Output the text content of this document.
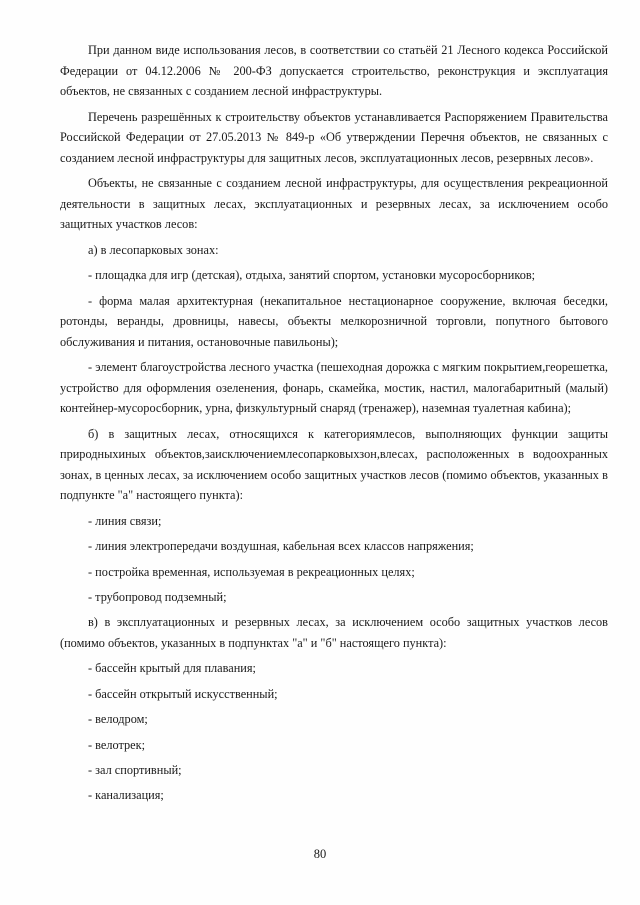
При данном виде использования лесов, в соответствии со статьёй 21 Лесного кодекса Российской Федерации от 04.12.2006 № 200-ФЗ допускается строительство, реконструкция и эксплуатация объектов, не связанных с созданием лесной инфраструктуры.

Перечень разрешённых к строительству объектов устанавливается Распоряжением Правительства Российской Федерации от 27.05.2013 № 849-р «Об утверждении Перечня объектов, не связанных с созданием лесной инфраструктуры для защитных лесов, эксплуатационных лесов, резервных лесов».

Объекты, не связанные с созданием лесной инфраструктуры, для осуществления рекреационной деятельности в защитных лесах, эксплуатационных и резервных лесах, за исключением особо защитных участков лесов:

а) в лесопарковых зонах:

- площадка для игр (детская), отдыха, занятий спортом, установки мусоросборников;

- форма малая архитектурная (некапитальное нестационарное сооружение, включая беседки, ротонды, веранды, дровницы, навесы, объекты мелкорозничной торговли, попутного бытового обслуживания и питания, остановочные павильоны);

- элемент благоустройства лесного участка (пешеходная дорожка с мягким покрытием,георешетка, устройство для оформления озеленения, фонарь, скамейка, мостик, настил, малогабаритный (малый) контейнер-мусоросборник, урна, физкультурный снаряд (тренажер), наземная туалетная кабина);

б) в защитных лесах, относящихся к категориямлесов, выполняющих функции защиты природныхиных объектов,заисключениемлесопарковыхзон,влесах, расположенных в водоохранных зонах, в ценных лесах, за исключением особо защитных участков лесов (помимо объектов, указанных в подпункте "а" настоящего пункта):

- линия связи;

- линия электропередачи воздушная, кабельная всех классов напряжения;

- постройка временная, используемая в рекреационных целях;

- трубопровод подземный;

в) в эксплуатационных и резервных лесах, за исключением особо защитных участков лесов (помимо объектов, указанных в подпунктах "а" и "б" настоящего пункта):

- бассейн крытый для плавания;

- бассейн открытый искусственный;

- велодром;

- велотрек;

- зал спортивный;

- канализация;

80
